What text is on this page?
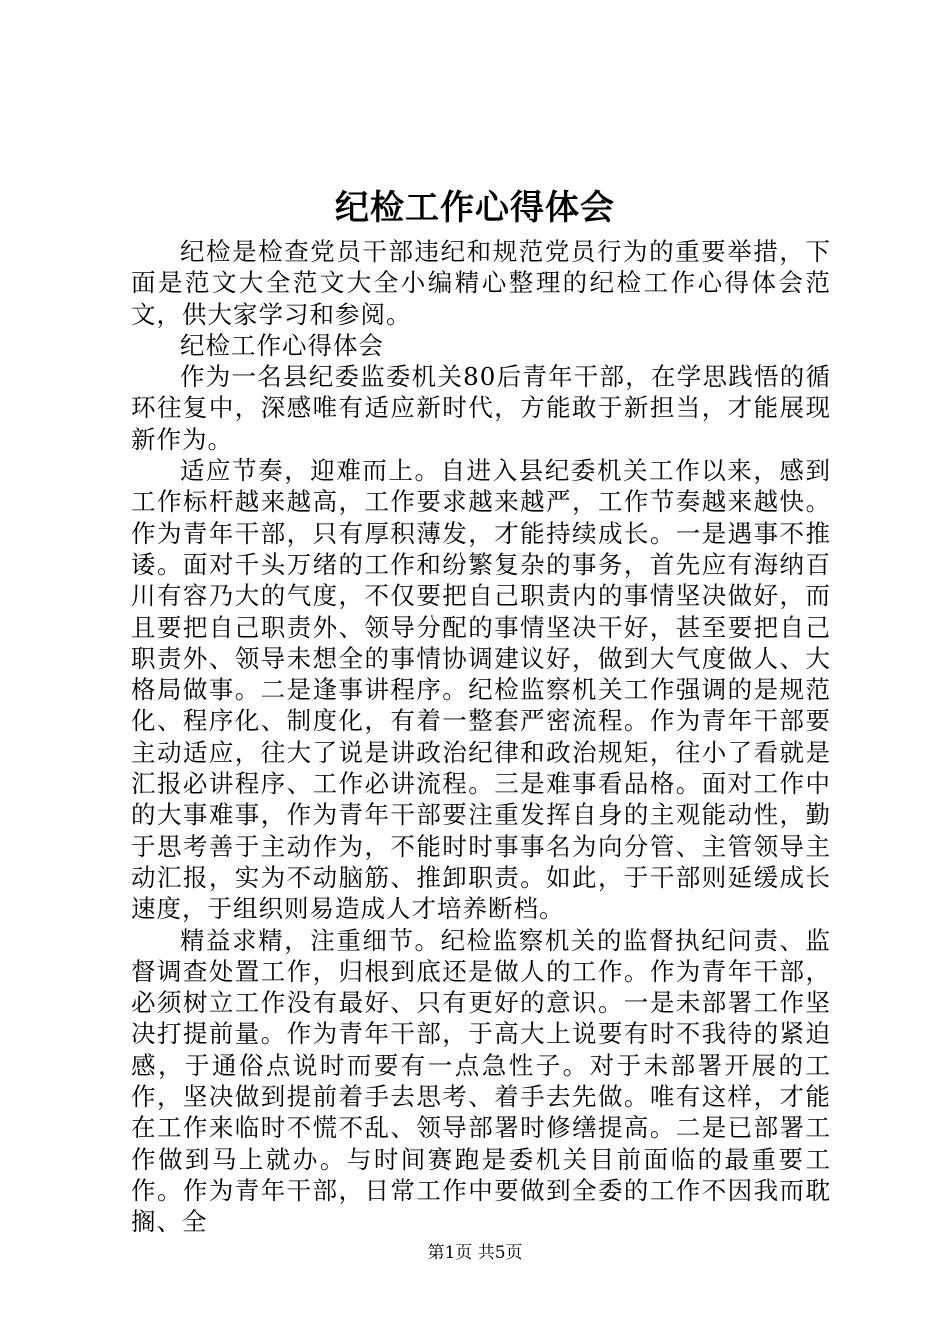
纪检工作心得体会

纪检是检查党员干部违纪和规范党员行为的重要举措，下面是范文大全范文大全小编精心整理的纪检工作心得体会范文，供大家学习和参阅。

纪检工作心得体会

作为一名县纪委监委机关80后青年干部，在学思践悟的循环往复中，深感唯有适应新时代，方能敢于新担当，才能展现新作为。

适应节奏，迎难而上。自进入县纪委机关工作以来，感到工作标杆越来越高，工作要求越来越严，工作节奏越来越快。作为青年干部，只有厚积薄发，才能持续成长。一是遇事不推诿。面对千头万绪的工作和纷繁复杂的事务，首先应有海纳百川有容乃大的气度，不仅要把自己职责内的事情坚决做好，而且要把自己职责外、领导分配的事情坚决干好，甚至要把自己职责外、领导未想全的事情协调建议好，做到大气度做人、大格局做事。二是逢事讲程序。纪检监察机关工作强调的是规范化、程序化、制度化，有着一整套严密流程。作为青年干部要主动适应，往大了说是讲政治纪律和政治规矩，往小了看就是汇报必讲程序、工作必讲流程。三是难事看品格。面对工作中的大事难事，作为青年干部要注重发挥自身的主观能动性，勤于思考善于主动作为，不能时时事事名为向分管、主管领导主动汇报，实为不动脑筋、推卸职责。如此，于干部则延缓成长速度，于组织则易造成人才培养断档。

精益求精，注重细节。纪检监察机关的监督执纪问责、监督调查处置工作，归根到底还是做人的工作。作为青年干部，必须树立工作没有最好、只有更好的意识。一是未部署工作坚决打提前量。作为青年干部，于高大上说要有时不我待的紧迫感，于通俗点说时而要有一点急性子。对于未部署开展的工作，坚决做到提前着手去思考、着手去先做。唯有这样，才能在工作来临时不慌不乱、领导部署时修缮提高。二是已部署工作做到马上就办。与时间赛跑是委机关目前面临的最重要工作。作为青年干部，日常工作中要做到全委的工作不因我而耽搁、全

第1页 共5页
